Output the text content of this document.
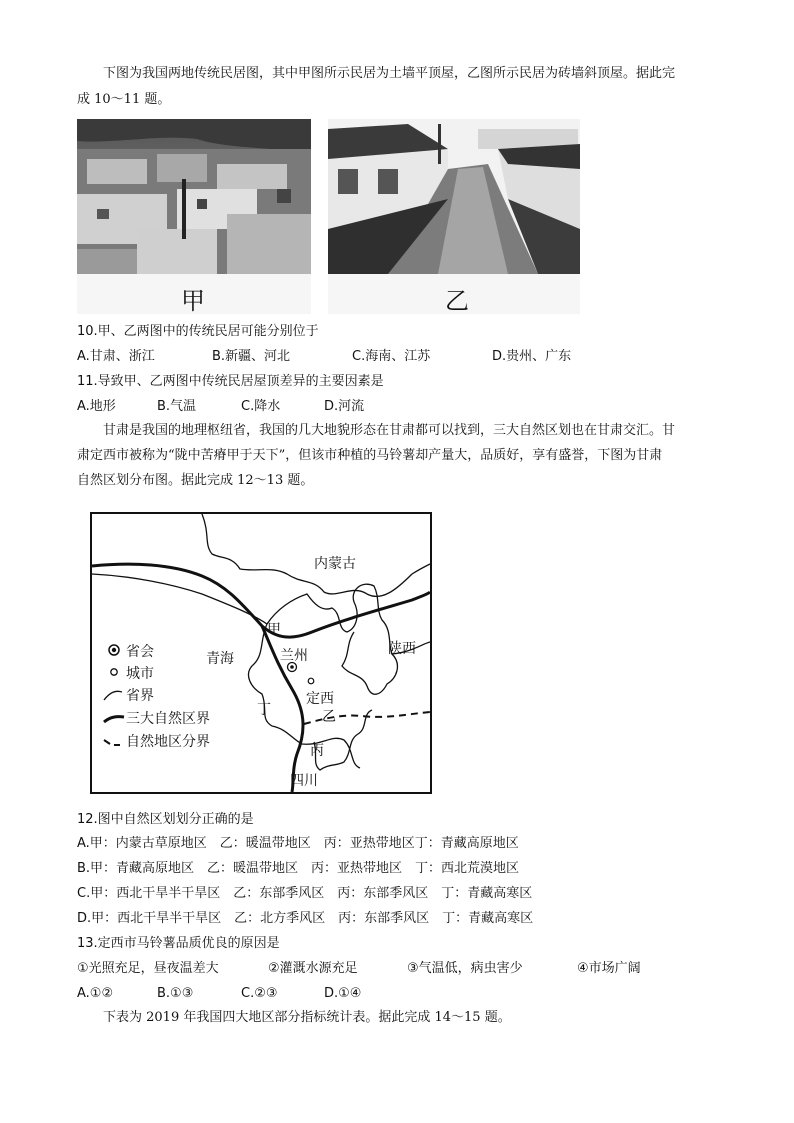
下图为我国两地传统民居图，其中甲图所示民居为土墙平顶屋，乙图所示民居为砖墙斜顶屋。据此完
成 10～11 题。
甲	乙
10.甲、乙两图中的传统民居可能分别位于
A.甘肃、浙江	B.新疆、河北	C.海南、江苏	D.贵州、广东
11.导致甲、乙两图中传统民居屋顶差异的主要因素是
A.地形	B.气温	C.降水	D.河流
甘肃是我国的地理枢纽省，我国的几大地貌形态在甘肃都可以找到，三大自然区划也在甘肃交汇。甘
肃定西市被称为“陇中苦瘠甲于天下”，但该市种植的马铃薯却产量大，品质好，享有盛誉，下图为甘肃
自然区划分布图。据此完成 12～13 题。
内蒙古
陕西
青海
甲
兰州
定西
乙
丁
丙
四川
省会
城市
省界
三大自然区界
自然地区分界
12.图中自然区划划分正确的是
A.甲：内蒙古草原地区　乙：暖温带地区　丙：亚热带地区丁：青藏高原地区
B.甲：青藏高原地区　乙：暖温带地区　丙：亚热带地区　丁：西北荒漠地区
C.甲：西北干旱半干旱区　乙：东部季风区　丙：东部季风区　丁：青藏高寒区
D.甲：西北干旱半干旱区　乙：北方季风区　丙：东部季风区　丁：青藏高寒区
13.定西市马铃薯品质优良的原因是
①光照充足，昼夜温差大	②灌溉水源充足	③气温低，病虫害少	④市场广阔
A.①②	B.①③	C.②③	D.①④
下表为 2019 年我国四大地区部分指标统计表。据此完成 14～15 题。
